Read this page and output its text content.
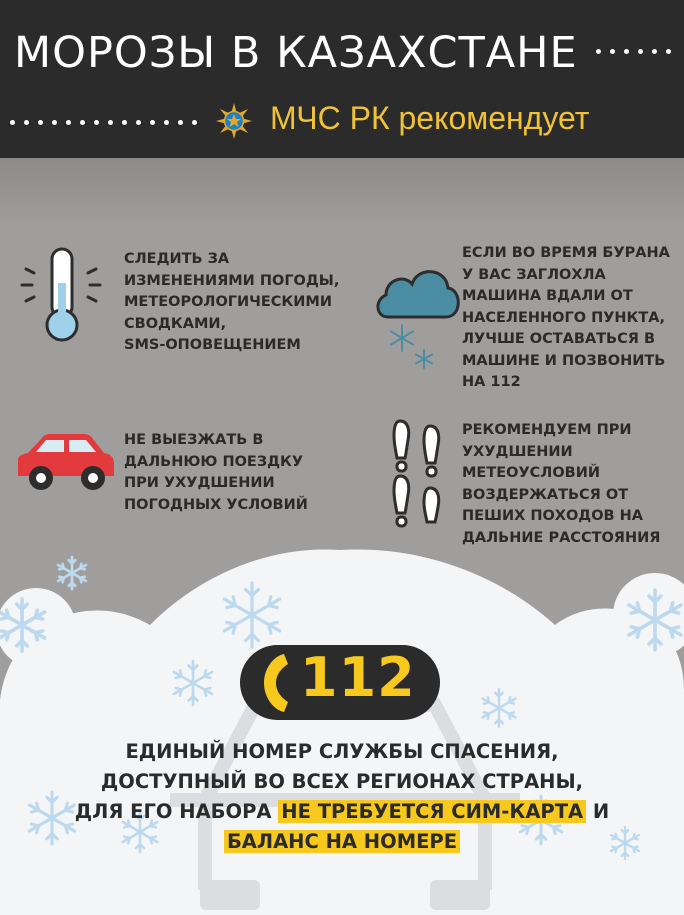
МОРОЗЫ В КАЗАХСТАНЕ
МЧС РК рекомендует
СЛЕДИТЬ ЗА
ИЗМЕНЕНИЯМИ ПОГОДЫ,
МЕТЕОРОЛОГИЧЕСКИМИ
СВОДКАМИ,
SMS-ОПОВЕЩЕНИЕМ
ЕСЛИ ВО ВРЕМЯ БУРАНА
У ВАС ЗАГЛОХЛА
МАШИНА ВДАЛИ ОТ
НАСЕЛЕННОГО ПУНКТА,
ЛУЧШЕ ОСТАВАТЬСЯ В
МАШИНЕ И ПОЗВОНИТЬ
НА 112
НЕ ВЫЕЗЖАТЬ В
ДАЛЬНЮЮ ПОЕЗДКУ
ПРИ УХУДШЕНИИ
ПОГОДНЫХ УСЛОВИЙ
РЕКОМЕНДУЕМ ПРИ
УХУДШЕНИИ
МЕТЕОУСЛОВИЙ
ВОЗДЕРЖАТЬСЯ ОТ
ПЕШИХ ПОХОДОВ НА
ДАЛЬНИЕ РАССТОЯНИЯ
112
ЕДИНЫЙ НОМЕР СЛУЖБЫ СПАСЕНИЯ,
ДОСТУПНЫЙ ВО ВСЕХ РЕГИОНАХ СТРАНЫ,
ДЛЯ ЕГО НАБОРА НЕ ТРЕБУЕТСЯ СИМ-КАРТА И
БАЛАНС НА НОМЕРЕ
